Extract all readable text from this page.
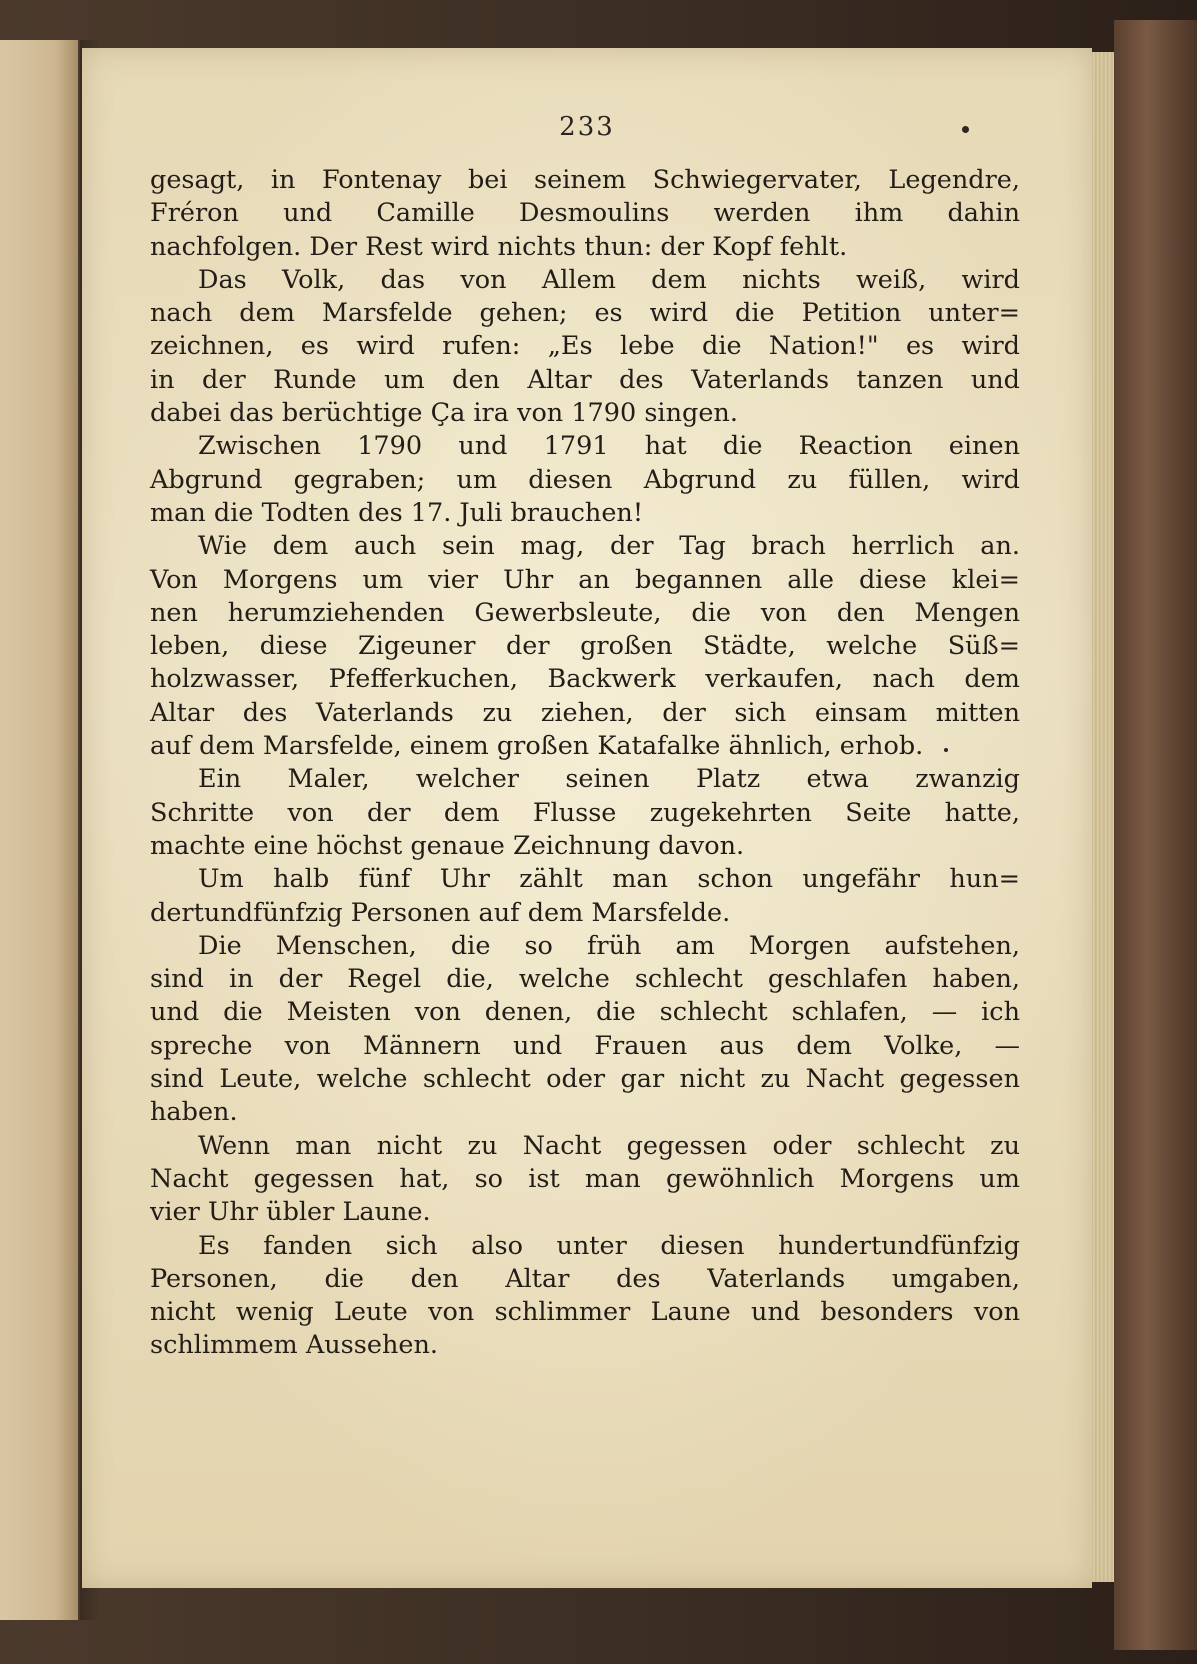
233
gesagt, in Fontenay bei seinem Schwiegervater, Legendre,
Fréron und Camille Desmoulins werden ihm dahin
nachfolgen. Der Rest wird nichts thun: der Kopf fehlt.
Das Volk, das von Allem dem nichts weiß, wird
nach dem Marsfelde gehen; es wird die Petition unter=
zeichnen, es wird rufen: „Es lebe die Nation!" es wird
in der Runde um den Altar des Vaterlands tanzen und
dabei das berüchtige Ça ira von 1790 singen.
Zwischen 1790 und 1791 hat die Reaction einen
Abgrund gegraben; um diesen Abgrund zu füllen, wird
man die Todten des 17. Juli brauchen!
Wie dem auch sein mag, der Tag brach herrlich an.
Von Morgens um vier Uhr an begannen alle diese klei=
nen herumziehenden Gewerbsleute, die von den Mengen
leben, diese Zigeuner der großen Städte, welche Süß=
holzwasser, Pfefferkuchen, Backwerk verkaufen, nach dem
Altar des Vaterlands zu ziehen, der sich einsam mitten
auf dem Marsfelde, einem großen Katafalke ähnlich, erhob.
Ein Maler, welcher seinen Platz etwa zwanzig
Schritte von der dem Flusse zugekehrten Seite hatte,
machte eine höchst genaue Zeichnung davon.
Um halb fünf Uhr zählt man schon ungefähr hun=
dertundfünfzig Personen auf dem Marsfelde.
Die Menschen, die so früh am Morgen aufstehen,
sind in der Regel die, welche schlecht geschlafen haben,
und die Meisten von denen, die schlecht schlafen, — ich
spreche von Männern und Frauen aus dem Volke, —
sind Leute, welche schlecht oder gar nicht zu Nacht gegessen
haben.
Wenn man nicht zu Nacht gegessen oder schlecht zu
Nacht gegessen hat, so ist man gewöhnlich Morgens um
vier Uhr übler Laune.
Es fanden sich also unter diesen hundertundfünfzig
Personen, die den Altar des Vaterlands umgaben,
nicht wenig Leute von schlimmer Laune und besonders von
schlimmem Aussehen.
